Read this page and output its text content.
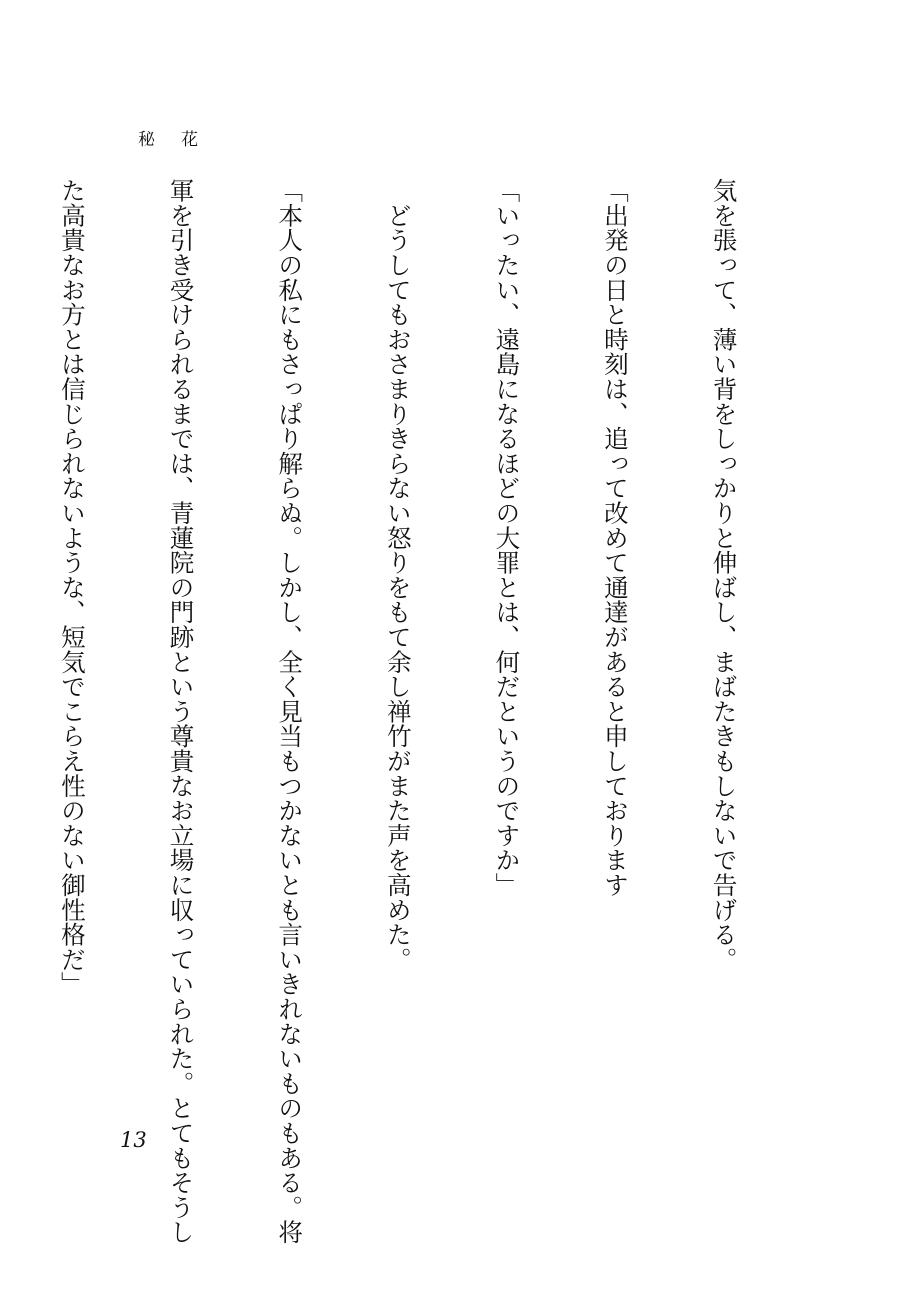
秘花

気を張って、薄い背をしっかりと伸ばし、まばたきもしないで告げる。

「出発の日と時刻は、追って改めて通達があると申しております

「いったい、遠島になるほどの大罪とは、何だというのですか」

　どうしてもおさまりきらない怒りをもて余し禅竹がまた声を高めた。

「本人の私にもさっぱり解らぬ。しかし、全く見当もつかないとも言いきれないものもある。将

軍を引き受けられるまでは、青蓮院の門跡という尊貴なお立場に収っていられた。とてもそうし

た高貴なお方とは信じられないような、短気でこらえ性のない御性格だ」

13
